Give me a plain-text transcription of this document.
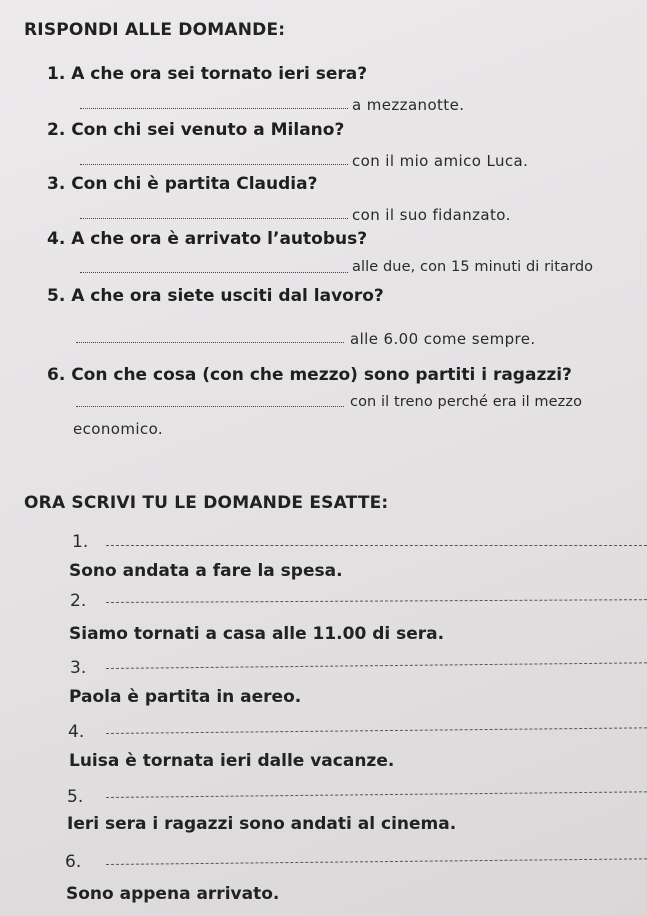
RISPONDI ALLE DOMANDE:
1. A che ora sei tornato ieri sera?
a mezzanotte.
2. Con chi sei venuto a Milano?
con il mio amico Luca.
3. Con chi è partita Claudia?
con il suo fidanzato.
4. A che ora è arrivato l’autobus?
alle due, con 15 minuti di ritardo
5. A che ora siete usciti dal lavoro?
alle 6.00 come sempre.
6. Con che cosa (con che mezzo) sono partiti i ragazzi?
con il treno perché era il mezzo
economico.
ORA SCRIVI TU LE DOMANDE ESATTE:
1.
Sono andata a fare la spesa.
2.
Siamo tornati a casa alle 11.00 di sera.
3.
Paola è partita in aereo.
4.
Luisa è tornata ieri dalle vacanze.
5.
Ieri sera i ragazzi sono andati al cinema.
6.
Sono appena arrivato.
